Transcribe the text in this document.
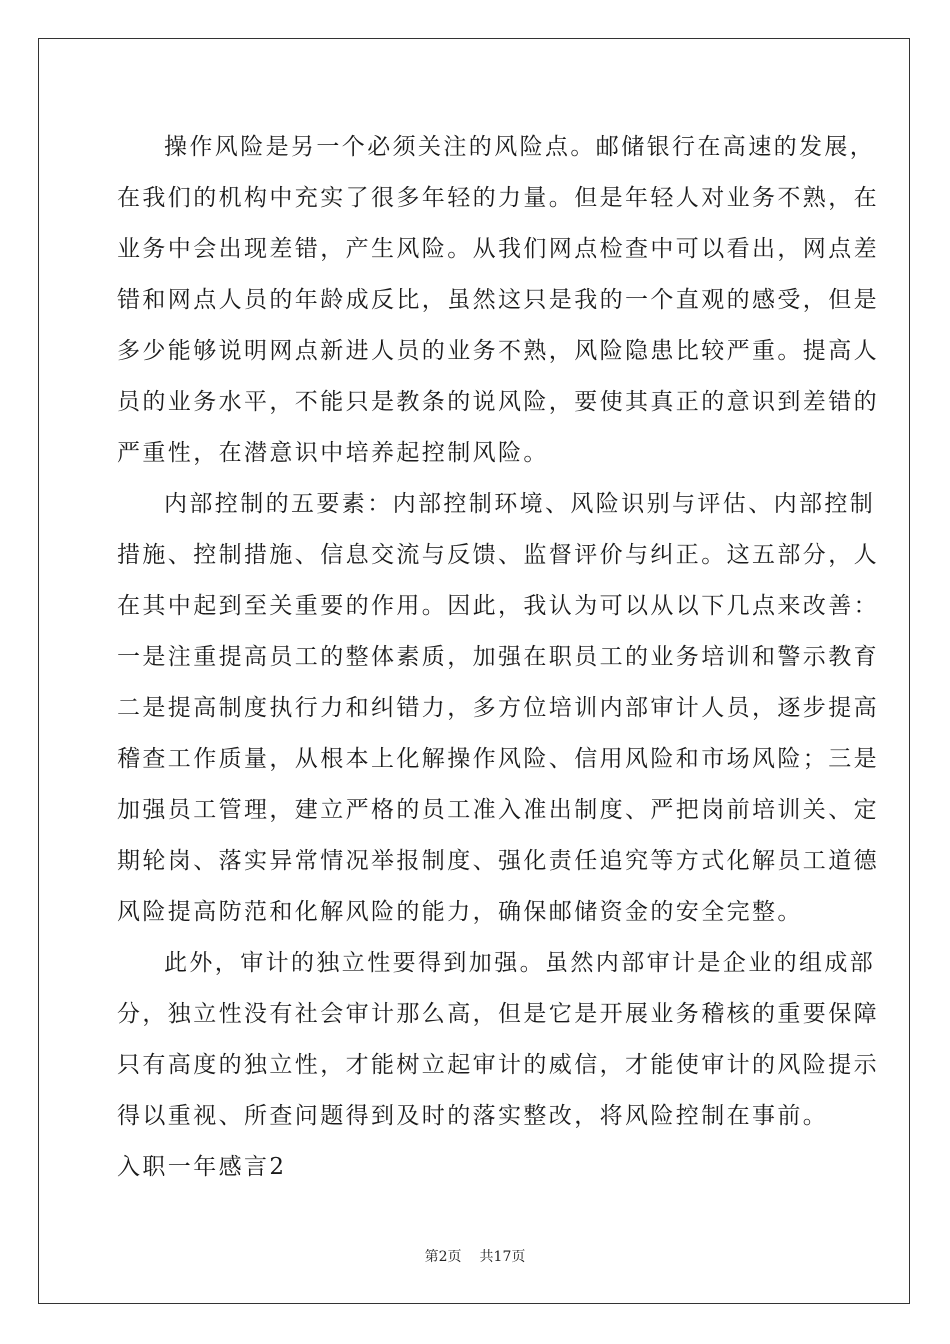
操作风险是另一个必须关注的风险点。邮储银行在高速的发展，
在我们的机构中充实了很多年轻的力量。但是年轻人对业务不熟，在
业务中会出现差错，产生风险。从我们网点检查中可以看出，网点差
错和网点人员的年龄成反比，虽然这只是我的一个直观的感受，但是
多少能够说明网点新进人员的业务不熟，风险隐患比较严重。提高人
员的业务水平，不能只是教条的说风险，要使其真正的意识到差错的
严重性，在潜意识中培养起控制风险。
内部控制的五要素：内部控制环境、风险识别与评估、内部控制
措施、控制措施、信息交流与反馈、监督评价与纠正。这五部分，人
在其中起到至关重要的作用。因此，我认为可以从以下几点来改善：
一是注重提高员工的整体素质，加强在职员工的业务培训和警示教育
二是提高制度执行力和纠错力，多方位培训内部审计人员，逐步提高
稽查工作质量，从根本上化解操作风险、信用风险和市场风险；三是
加强员工管理，建立严格的员工准入准出制度、严把岗前培训关、定
期轮岗、落实异常情况举报制度、强化责任追究等方式化解员工道德
风险提高防范和化解风险的能力，确保邮储资金的安全完整。
此外，审计的独立性要得到加强。虽然内部审计是企业的组成部
分，独立性没有社会审计那么高，但是它是开展业务稽核的重要保障
只有高度的独立性，才能树立起审计的威信，才能使审计的风险提示
得以重视、所查问题得到及时的落实整改，将风险控制在事前。
入职一年感言2
第2页 共17页
